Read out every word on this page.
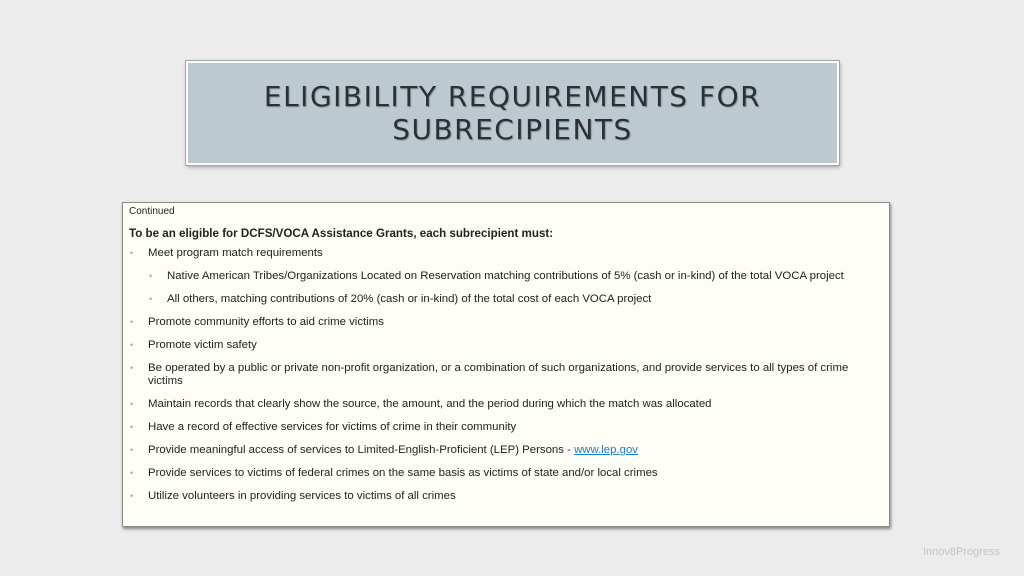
ELIGIBILITY REQUIREMENTS FOR
SUBRECIPIENTS

Continued

To be an eligible for DCFS/VOCA Assistance Grants, each subrecipient must:

• Meet program match requirements
• Native American Tribes/Organizations Located on Reservation matching contributions of 5% (cash or in-kind) of the total VOCA project
• All others, matching contributions of 20% (cash or in-kind) of the total cost of each VOCA project
• Promote community efforts to aid crime victims
• Promote victim safety
• Be operated by a public or private non-profit organization, or a combination of such organizations, and provide services to all types of crime victims
• Maintain records that clearly show the source, the amount, and the period during which the match was allocated
• Have a record of effective services for victims of crime in their community
• Provide meaningful access of services to Limited-English-Proficient (LEP) Persons - www.lep.gov
• Provide services to victims of federal crimes on the same basis as victims of state and/or local crimes
• Utilize volunteers in providing services to victims of all crimes
Innov8Progress
